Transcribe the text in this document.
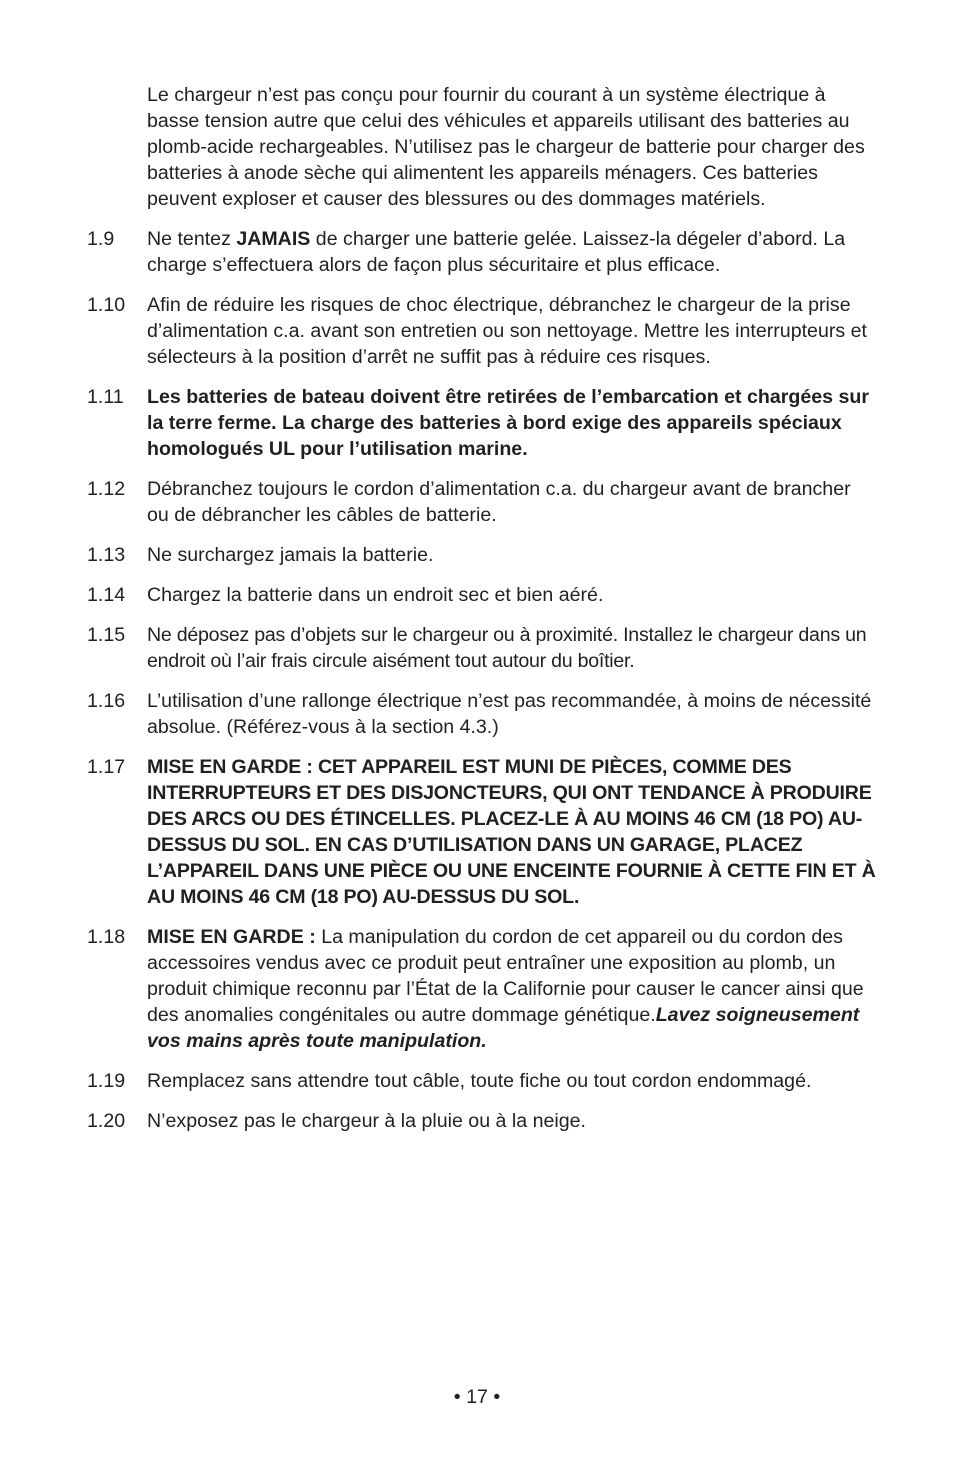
Le chargeur n’est pas conçu pour fournir du courant à un système électrique à basse tension autre que celui des véhicules et appareils utilisant des batteries au plomb-acide rechargeables. N’utilisez pas le chargeur de batterie pour charger des batteries à anode sèche qui alimentent les appareils ménagers. Ces batteries peuvent exploser et causer des blessures ou des dommages matériels.

1.9	Ne tentez JAMAIS de charger une batterie gelée. Laissez-la dégeler d’abord. La charge s’effectuera alors de façon plus sécuritaire et plus efficace.
1.10	Afin de réduire les risques de choc électrique, débranchez le chargeur de la prise d’alimentation c.a. avant son entretien ou son nettoyage. Mettre les interrupteurs et sélecteurs à la position d’arrêt ne suffit pas à réduire ces risques.
1.11	Les batteries de bateau doivent être retirées de l’embarcation et chargées sur la terre ferme. La charge des batteries à bord exige des appareils spéciaux homologués UL pour l’utilisation marine.
1.12	Débranchez toujours le cordon d’alimentation c.a. du chargeur avant de brancher ou de débrancher les câbles de batterie.
1.13	Ne surchargez jamais la batterie.
1.14	Chargez la batterie dans un endroit sec et bien aéré.
1.15	Ne déposez pas d’objets sur le chargeur ou à proximité. Installez le chargeur dans un endroit où l’air frais circule aisément tout autour du boîtier.
1.16	L’utilisation d’une rallonge électrique n’est pas recommandée, à moins de nécessité absolue. (Référez-vous à la section 4.3.)
1.17	MISE EN GARDE : CET APPAREIL EST MUNI DE PIÈCES, COMME DES INTERRUPTEURS ET DES DISJONCTEURS, QUI ONT TENDANCE À PRODUIRE DES ARCS OU DES ÉTINCELLES. PLACEZ-LE À AU MOINS 46 CM (18 PO) AU-DESSUS DU SOL. EN CAS D’UTILISATION DANS UN GARAGE, PLACEZ L’APPAREIL DANS UNE PIÈCE OU UNE ENCEINTE FOURNIE À CETTE FIN ET À AU MOINS 46 CM (18 PO) AU-DESSUS DU SOL.
1.18	MISE EN GARDE : La manipulation du cordon de cet appareil ou du cordon des accessoires vendus avec ce produit peut entraîner une exposition au plomb, un produit chimique reconnu par l’État de la Californie pour causer le cancer ainsi que des anomalies congénitales ou autre dommage génétique.Lavez soigneusement vos mains après toute manipulation.
1.19	Remplacez sans attendre tout câble, toute fiche ou tout cordon endommagé.
1.20	N’exposez pas le chargeur à la pluie ou à la neige.
• 17 •
